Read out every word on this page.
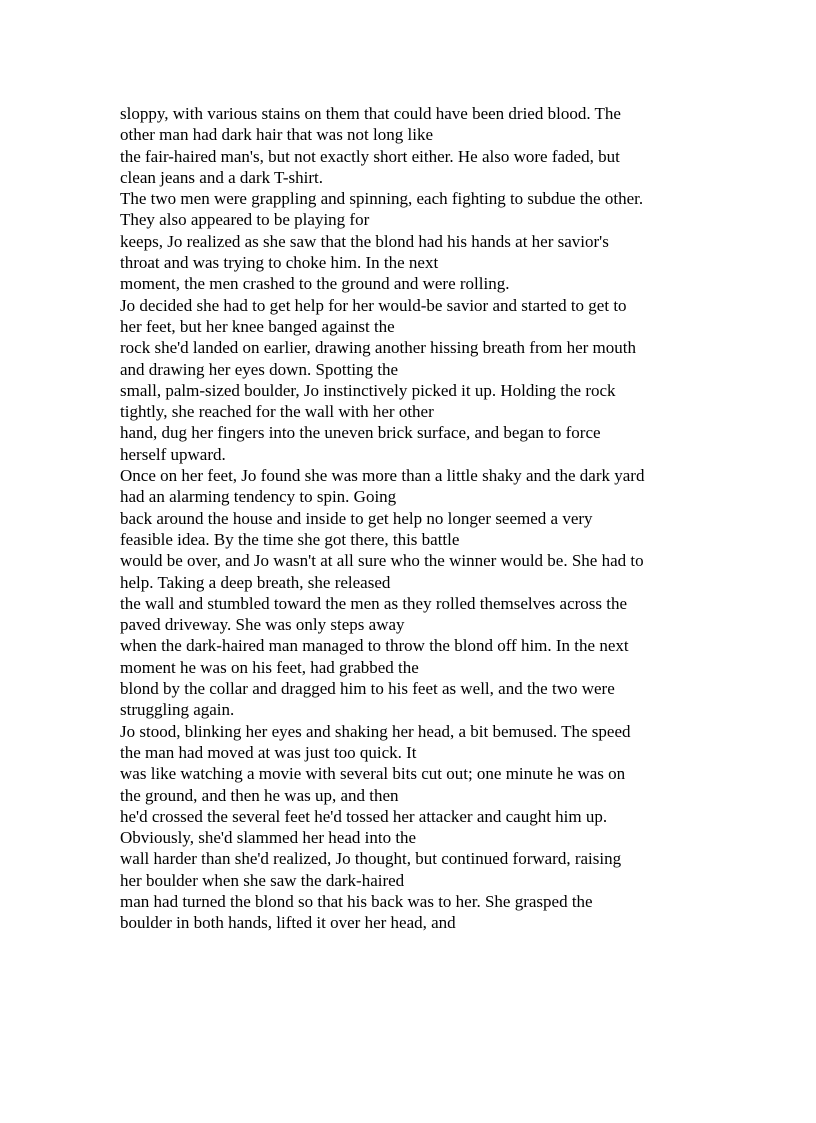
sloppy, with various stains on them that could have been dried blood. The
other man had dark hair that was not long like
the fair-haired man's, but not exactly short either. He also wore faded, but
clean jeans and a dark T-shirt.
The two men were grappling and spinning, each fighting to subdue the other.
They also appeared to be playing for
keeps, Jo realized as she saw that the blond had his hands at her savior's
throat and was trying to choke him. In the next
moment, the men crashed to the ground and were rolling.
Jo decided she had to get help for her would-be savior and started to get to
her feet, but her knee banged against the
rock she'd landed on earlier, drawing another hissing breath from her mouth
and drawing her eyes down. Spotting the
small, palm-sized boulder, Jo instinctively picked it up. Holding the rock
tightly, she reached for the wall with her other
hand, dug her fingers into the uneven brick surface, and began to force
herself upward.
Once on her feet, Jo found she was more than a little shaky and the dark yard
had an alarming tendency to spin. Going
back around the house and inside to get help no longer seemed a very
feasible idea. By the time she got there, this battle
would be over, and Jo wasn't at all sure who the winner would be. She had to
help. Taking a deep breath, she released
the wall and stumbled toward the men as they rolled themselves across the
paved driveway. She was only steps away
when the dark-haired man managed to throw the blond off him. In the next
moment he was on his feet, had grabbed the
blond by the collar and dragged him to his feet as well, and the two were
struggling again.
Jo stood, blinking her eyes and shaking her head, a bit bemused. The speed
the man had moved at was just too quick. It
was like watching a movie with several bits cut out; one minute he was on
the ground, and then he was up, and then
he'd crossed the several feet he'd tossed her attacker and caught him up.
Obviously, she'd slammed her head into the
wall harder than she'd realized, Jo thought, but continued forward, raising
her boulder when she saw the dark-haired
man had turned the blond so that his back was to her. She grasped the
boulder in both hands, lifted it over her head, and
